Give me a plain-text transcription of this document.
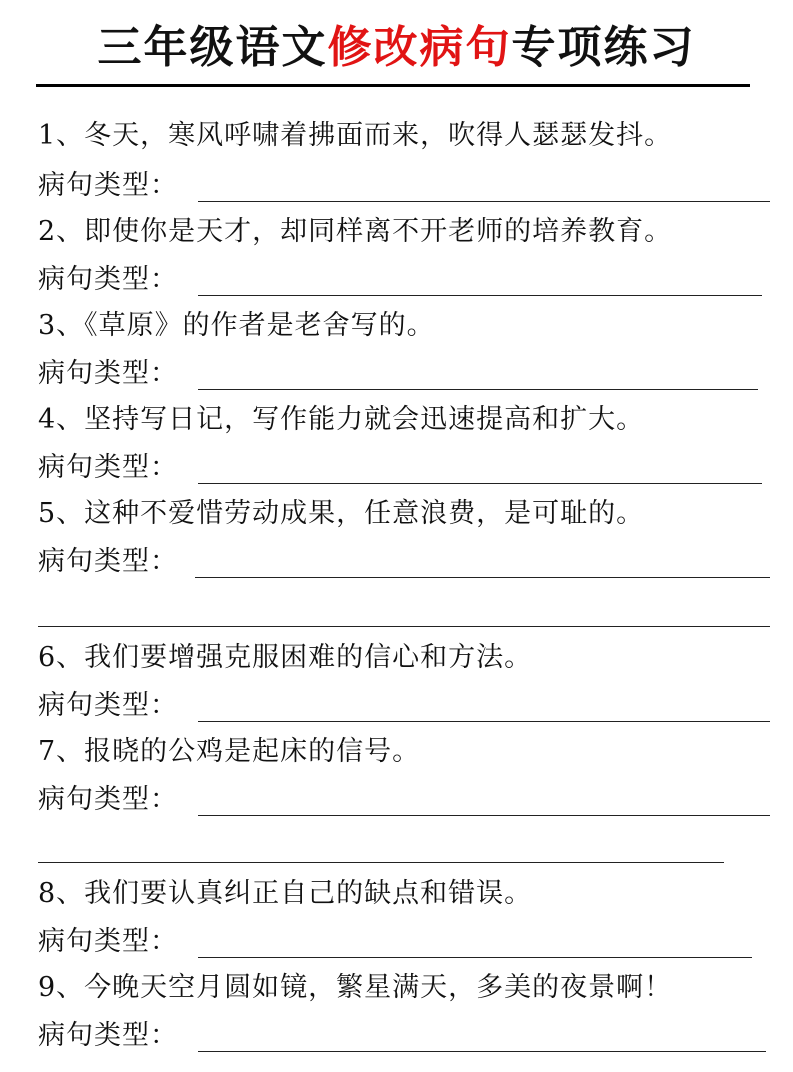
三年级语文修改病句专项练习
1、冬天，寒风呼啸着拂面而来，吹得人瑟瑟发抖。
病句类型：
2、即使你是天才，却同样离不开老师的培养教育。
病句类型：
3、《草原》的作者是老舍写的。
病句类型：
4、坚持写日记，写作能力就会迅速提高和扩大。
病句类型：
5、这种不爱惜劳动成果，任意浪费，是可耻的。
病句类型：
6、我们要增强克服困难的信心和方法。
病句类型：
7、报晓的公鸡是起床的信号。
病句类型：
8、我们要认真纠正自己的缺点和错误。
病句类型：
9、今晚天空月圆如镜，繁星满天，多美的夜景啊！
病句类型：
